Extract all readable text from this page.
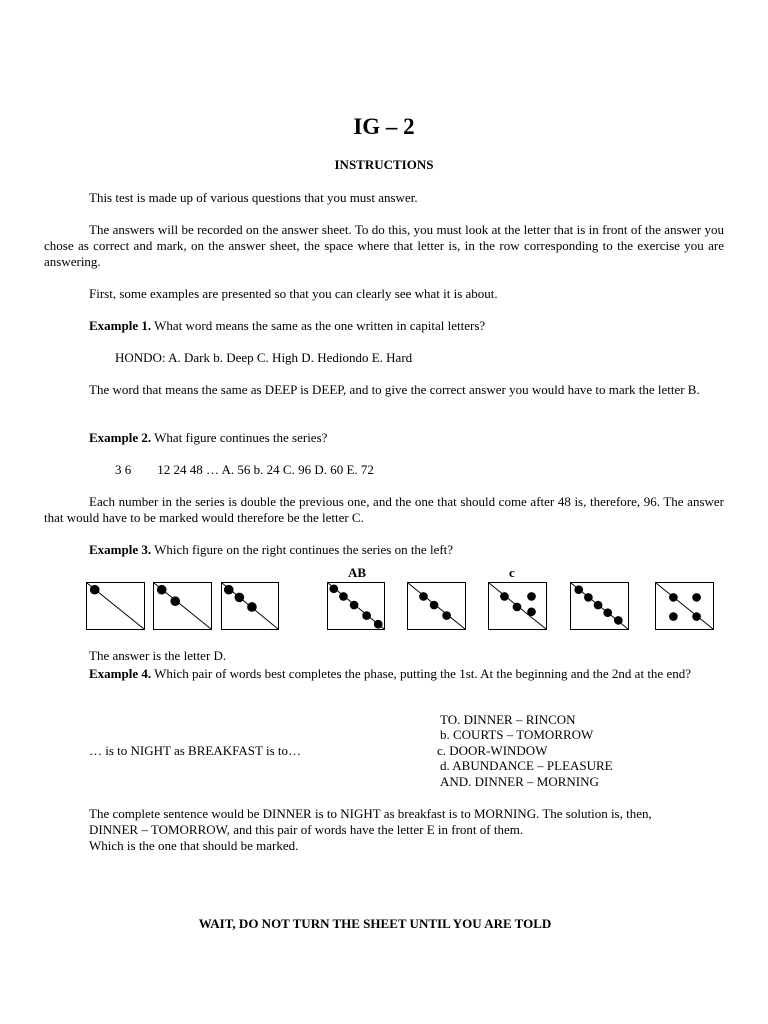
IG – 2
INSTRUCTIONS

This test is made up of various questions that you must answer.

The answers will be recorded on the answer sheet. To do this, you must look at the letter that is in front of the answer you chose as correct and mark, on the answer sheet, the space where that letter is, in the row corresponding to the exercise you are answering.

First, some examples are presented so that you can clearly see what it is about.

Example 1. What word means the same as the one written in capital letters?

HONDO: A. Dark b. Deep C. High D. Hediondo E. Hard

The word that means the same as DEEP is DEEP, and to give the correct answer you would have to mark the letter B.

Example 2. What figure continues the series?

3 6 12 24 48 … A. 56 b. 24 C. 96 D. 60 E. 72

Each number in the series is double the previous one, and the one that should come after 48 is, therefore, 96. The answer that would have to be marked would therefore be the letter C.

Example 3. Which figure on the right continues the series on the left?

AB	c

The answer is the letter D.

Example 4. Which pair of words best completes the phase, putting the 1st. At the beginning and the 2nd at the end?

TO. DINNER – RINCON

b. COURTS – TOMORROW

… is to NIGHT as BREAKFAST is to…	c. DOOR-WINDOW

d. ABUNDANCE – PLEASURE

AND. DINNER – MORNING

The complete sentence would be DINNER is to NIGHT as breakfast is to MORNING. The solution is, then,

DINNER – TOMORROW, and this pair of words have the letter E in front of them.

Which is the one that should be marked.

WAIT, DO NOT TURN THE SHEET UNTIL YOU ARE TOLD
